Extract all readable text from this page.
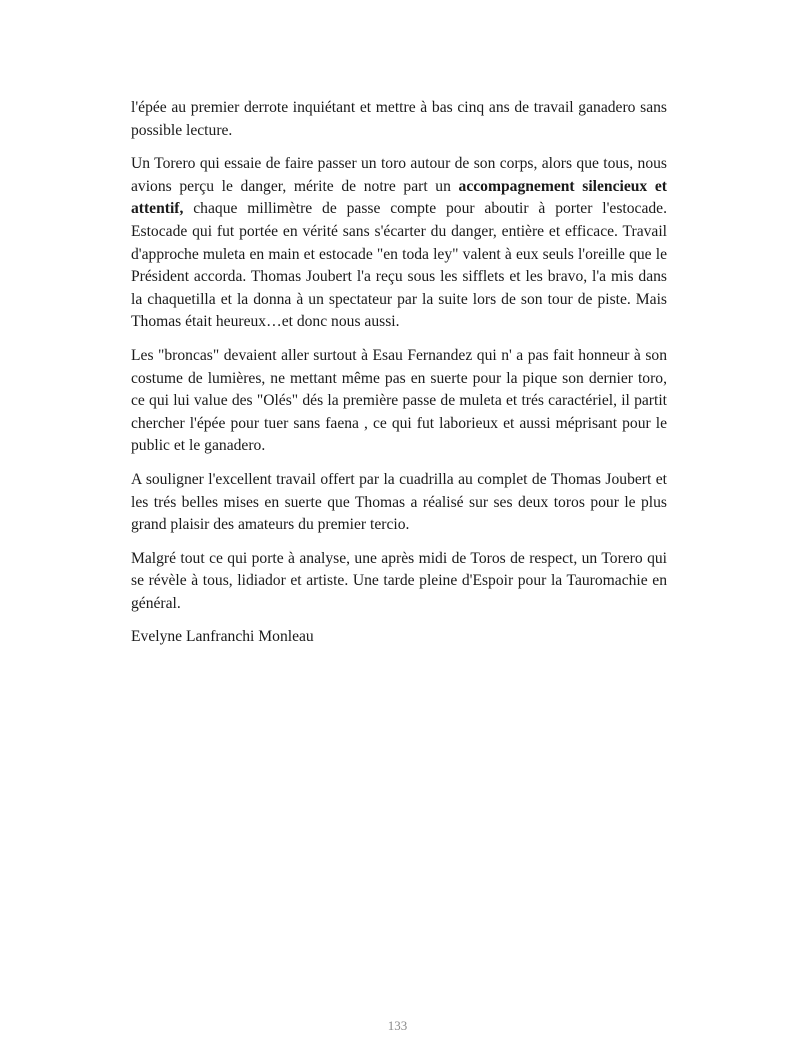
l'épée au premier derrote inquiétant et mettre à bas cinq ans de travail ganadero sans possible lecture.

Un Torero qui essaie de faire passer un toro autour de son corps, alors que tous, nous avions perçu le danger, mérite de notre part un accompagnement silencieux et attentif, chaque millimètre de passe compte pour aboutir à porter l'estocade. Estocade qui fut portée en vérité sans s'écarter du danger, entière et efficace. Travail d'approche muleta en main et estocade "en toda ley" valent à eux seuls l'oreille que le Président accorda. Thomas Joubert l'a reçu sous les sifflets et les bravo, l'a mis dans la chaquetilla et la donna à un spectateur par la suite lors de son tour de piste. Mais Thomas était heureux…et donc nous aussi.

Les "broncas" devaient aller surtout à Esau Fernandez qui n' a pas fait honneur à son costume de lumières, ne mettant même pas en suerte pour la pique son dernier toro, ce qui lui value des "Olés" dés la première passe de muleta et trés caractériel, il partit chercher l'épée pour tuer sans faena , ce qui fut laborieux et aussi méprisant pour le public et le ganadero.

A souligner l'excellent travail offert par la cuadrilla au complet de Thomas Joubert et les trés belles mises en suerte que Thomas a réalisé sur ses deux toros pour le plus grand plaisir des amateurs du premier tercio.

Malgré tout ce qui porte à analyse, une après midi de Toros de respect, un Torero qui se révèle à tous, lidiador et artiste. Une tarde pleine d'Espoir pour la Tauromachie en général.

Evelyne Lanfranchi Monleau

133
